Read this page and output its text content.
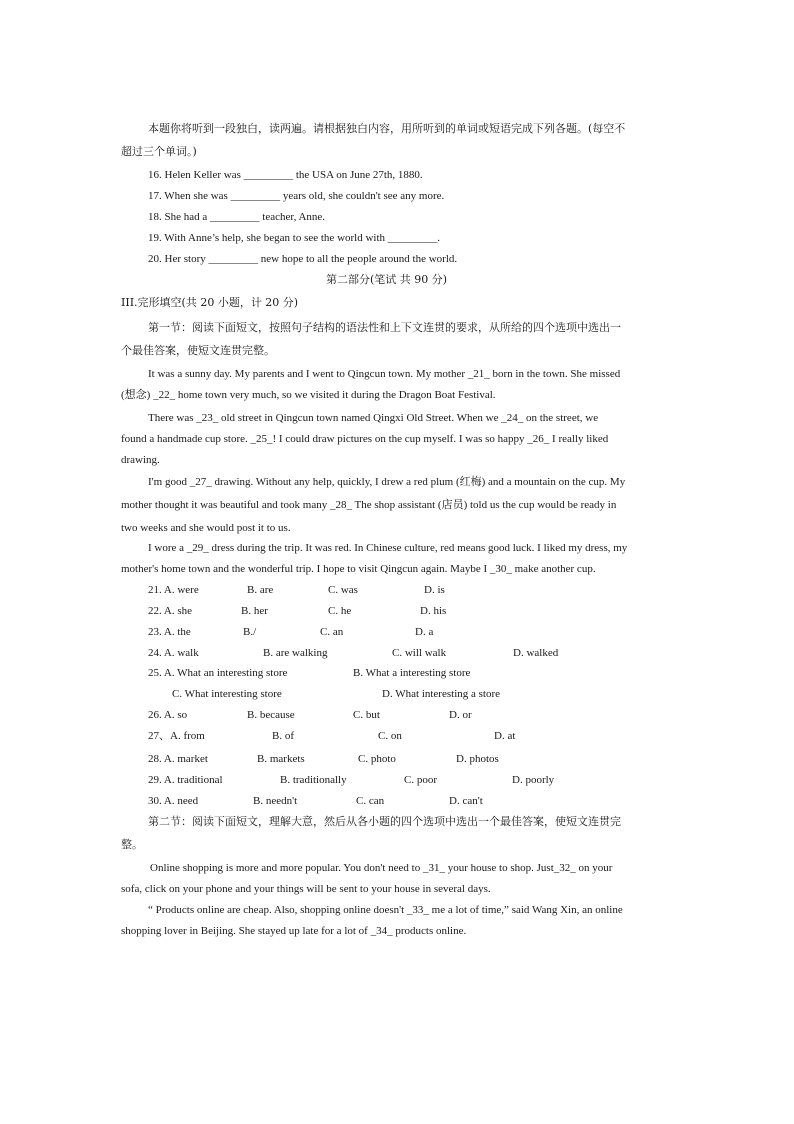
本题你将听到一段独白，读两遍。请根据独白内容，用所听到的单词或短语完成下列各题。(每空不
超过三个单词。)
16. Helen Keller was _________ the USA on June 27th, 1880.
17. When she was _________ years old, she couldn't see any more.
18. She had a _________ teacher, Anne.
19. With Anne’s help, she began to see the world with _________.
20. Her story _________ new hope to all the people around the world.
第二部分(笔试 共 90 分)
III.完形填空(共 20 小题，计 20 分)
第一节：阅读下面短文，按照句子结构的语法性和上下文连贯的要求，从所给的四个选项中选出一
个最佳答案，使短文连贯完整。
It was a sunny day. My parents and I went to Qingcun town. My mother _21_ born in the town. She missed
(想念) _22_ home town very much, so we visited it during the Dragon Boat Festival.
There was _23_ old street in Qingcun town named Qingxi Old Street. When we _24_ on the street, we
found a handmade cup store. _25_! I could draw pictures on the cup myself. I was so happy _26_ I really liked
drawing.
I'm good _27_ drawing. Without any help, quickly, I drew a red plum (红梅) and a mountain on the cup. My
mother thought it was beautiful and took many _28_ The shop assistant (店员) told us the cup would be ready in
two weeks and she would post it to us.
I wore a _29_ dress during the trip. It was red. In Chinese culture, red means good luck. I liked my dress, my
mother's home town and the wonderful trip. I hope to visit Qingcun again. Maybe I _30_ make another cup.
21. A. were	B. are	C. was	D. is
22. A. she	B. her	C. he	D. his
23. A. the	B./	C. an	D. a
24. A. walk	B. are walking	C. will walk	D. walked
25. A. What an interesting store	B. What a interesting store
C. What interesting store	D. What interesting a store
26. A. so	B. because	C. but	D. or
27、A. from	B. of	C. on	D. at
28. A. market	B. markets	C. photo	D. photos
29. A. traditional	B. traditionally	C. poor	D. poorly
30. A. need	B. needn't	C. can	D. can't
第二节：阅读下面短文，理解大意，然后从各小题的四个选项中选出一个最佳答案，使短文连贯完
整。
Online shopping is more and more popular. You don't need to _31_ your house to shop. Just_32_ on your
sofa, click on your phone and your things will be sent to your house in several days.
“ Products online are cheap. Also, shopping online doesn't _33_ me a lot of time,” said Wang Xin, an online
shopping lover in Beijing. She stayed up late for a lot of _34_ products online.
